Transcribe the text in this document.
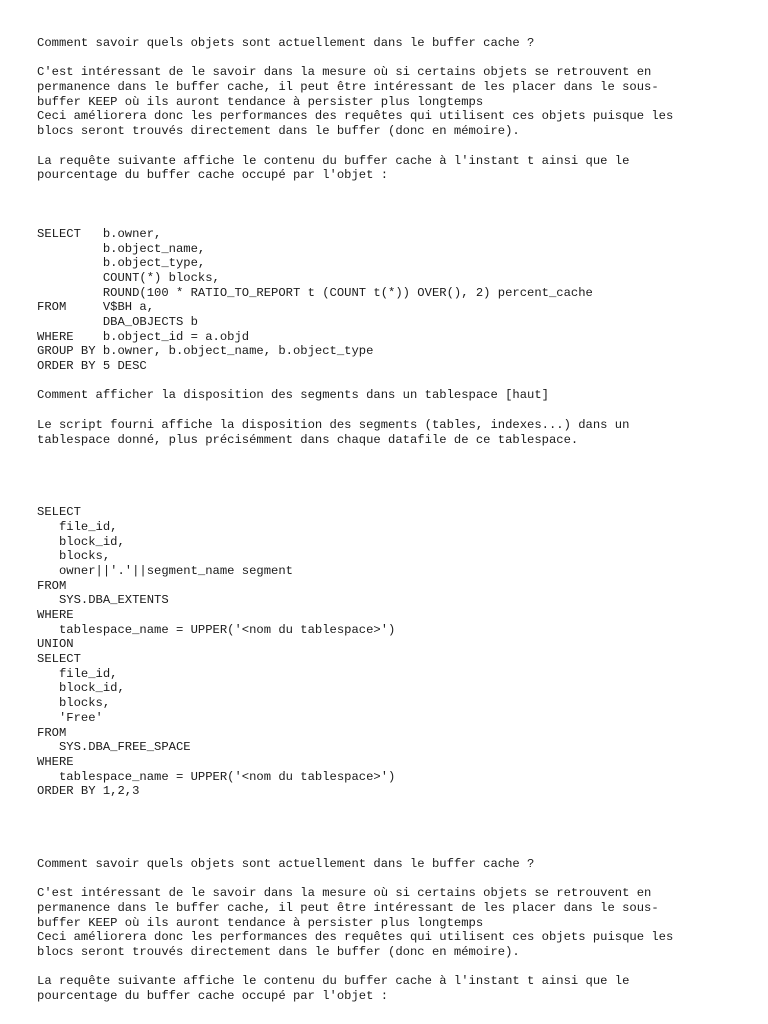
Comment savoir quels objets sont actuellement dans le buffer cache ?
C'est intéressant de le savoir dans la mesure où si certains objets se retrouvent en
permanence dans le buffer cache, il peut être intéressant de les placer dans le sous-
buffer KEEP où ils auront tendance à persister plus longtemps
Ceci améliorera donc les performances des requêtes qui utilisent ces objets puisque les
blocs seront trouvés directement dans le buffer (donc en mémoire).
La requête suivante affiche le contenu du buffer cache à l'instant t ainsi que le
pourcentage du buffer cache occupé par l'objet :
SELECT   b.owner,
b.object_name,
b.object_type,
COUNT(*) blocks,
ROUND(100 * RATIO_TO_REPORT t (COUNT t(*)) OVER(), 2) percent_cache
FROM     V$BH a,
DBA_OBJECTS b
WHERE    b.object_id = a.objd
GROUP BY b.owner, b.object_name, b.object_type
ORDER BY 5 DESC
Comment afficher la disposition des segments dans un tablespace [haut]
Le script fourni affiche la disposition des segments (tables, indexes...) dans un
tablespace donné, plus précisémment dans chaque datafile de ce tablespace.
SELECT
file_id,
block_id,
blocks,
owner||'.'||segment_name segment
FROM
SYS.DBA_EXTENTS
WHERE
tablespace_name = UPPER('<nom du tablespace>')
UNION
SELECT
file_id,
block_id,
blocks,
'Free'
FROM
SYS.DBA_FREE_SPACE
WHERE
tablespace_name = UPPER('<nom du tablespace>')
ORDER BY 1,2,3
Comment savoir quels objets sont actuellement dans le buffer cache ?
C'est intéressant de le savoir dans la mesure où si certains objets se retrouvent en
permanence dans le buffer cache, il peut être intéressant de les placer dans le sous-
buffer KEEP où ils auront tendance à persister plus longtemps
Ceci améliorera donc les performances des requêtes qui utilisent ces objets puisque les
blocs seront trouvés directement dans le buffer (donc en mémoire).
La requête suivante affiche le contenu du buffer cache à l'instant t ainsi que le
pourcentage du buffer cache occupé par l'objet :
